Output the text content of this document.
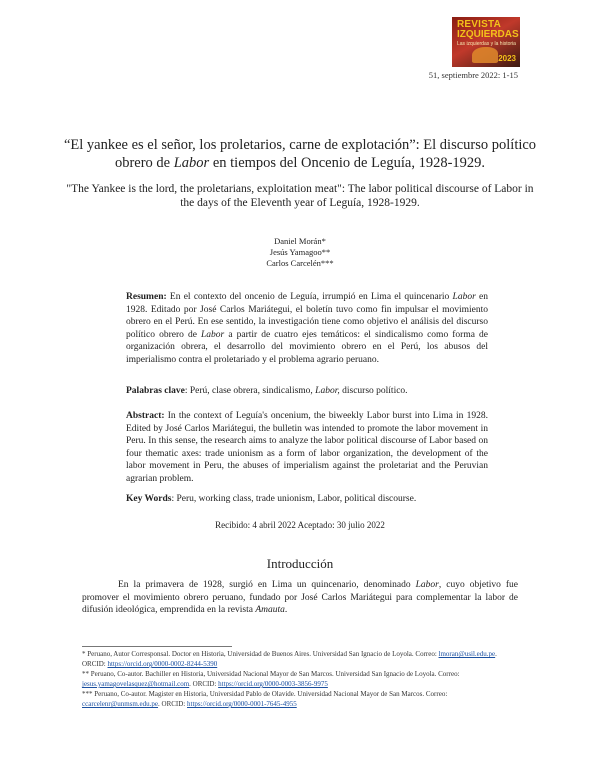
REVISTA
IZQUIERDAS
Las izquierdas y la historia
2023
51, septiembre 2022: 1-15
“El yankee es el señor, los proletarios, carne de explotación”: El discurso político obrero de Labor en tiempos del Oncenio de Leguía, 1928-1929.
"The Yankee is the lord, the proletarians, exploitation meat": The labor political discourse of Labor in the days of the Eleventh year of Leguía, 1928-1929.
Daniel Morán*
Jesús Yamagoo**
Carlos Carcelén***
Resumen: En el contexto del oncenio de Leguía, irrumpió en Lima el quincenario Labor en 1928. Editado por José Carlos Mariátegui, el boletín tuvo como fin impulsar el movimiento obrero en el Perú. En ese sentido, la investigación tiene como objetivo el análisis del discurso político obrero de Labor a partir de cuatro ejes temáticos: el sindicalismo como forma de organización obrera, el desarrollo del movimiento obrero en el Perú, los abusos del imperialismo contra el proletariado y el problema agrario peruano.
Palabras clave: Perú, clase obrera, sindicalismo, Labor, discurso político.
Abstract: In the context of Leguía's oncenium, the biweekly Labor burst into Lima in 1928. Edited by José Carlos Mariátegui, the bulletin was intended to promote the labor movement in Peru. In this sense, the research aims to analyze the labor political discourse of Labor based on four thematic axes: trade unionism as a form of labor organization, the development of the labor movement in Peru, the abuses of imperialism against the proletariat and the Peruvian agrarian problem.
Key Words: Peru, working class, trade unionism, Labor, political discourse.
Recibido: 4 abril 2022 Aceptado: 30 julio 2022
Introducción
En la primavera de 1928, surgió en Lima un quincenario, denominado Labor, cuyo objetivo fue promover el movimiento obrero peruano, fundado por José Carlos Mariátegui para complementar la labor de difusión ideológica, emprendida en la revista Amauta.
* Peruano, Autor Corresponsal. Doctor en Historia, Universidad de Buenos Aires. Universidad San Ignacio de Loyola. Correo: lmoran@usil.edu.pe. ORCID: https://orcid.org/0000-0002-8244-5390
** Peruano, Co-autor. Bachiller en Historia, Universidad Nacional Mayor de San Marcos. Universidad San Ignacio de Loyola. Correo: jesus.yamagovelasquez@hotmail.com. ORCID: https://orcid.org/0000-0003-3856-9975
*** Peruano, Co-autor. Magister en Historia, Universidad Pablo de Olavide. Universidad Nacional Mayor de San Marcos. Correo: ccarcelenr@unmsm.edu.pe. ORCID: https://orcid.org/0000-0001-7645-4955
